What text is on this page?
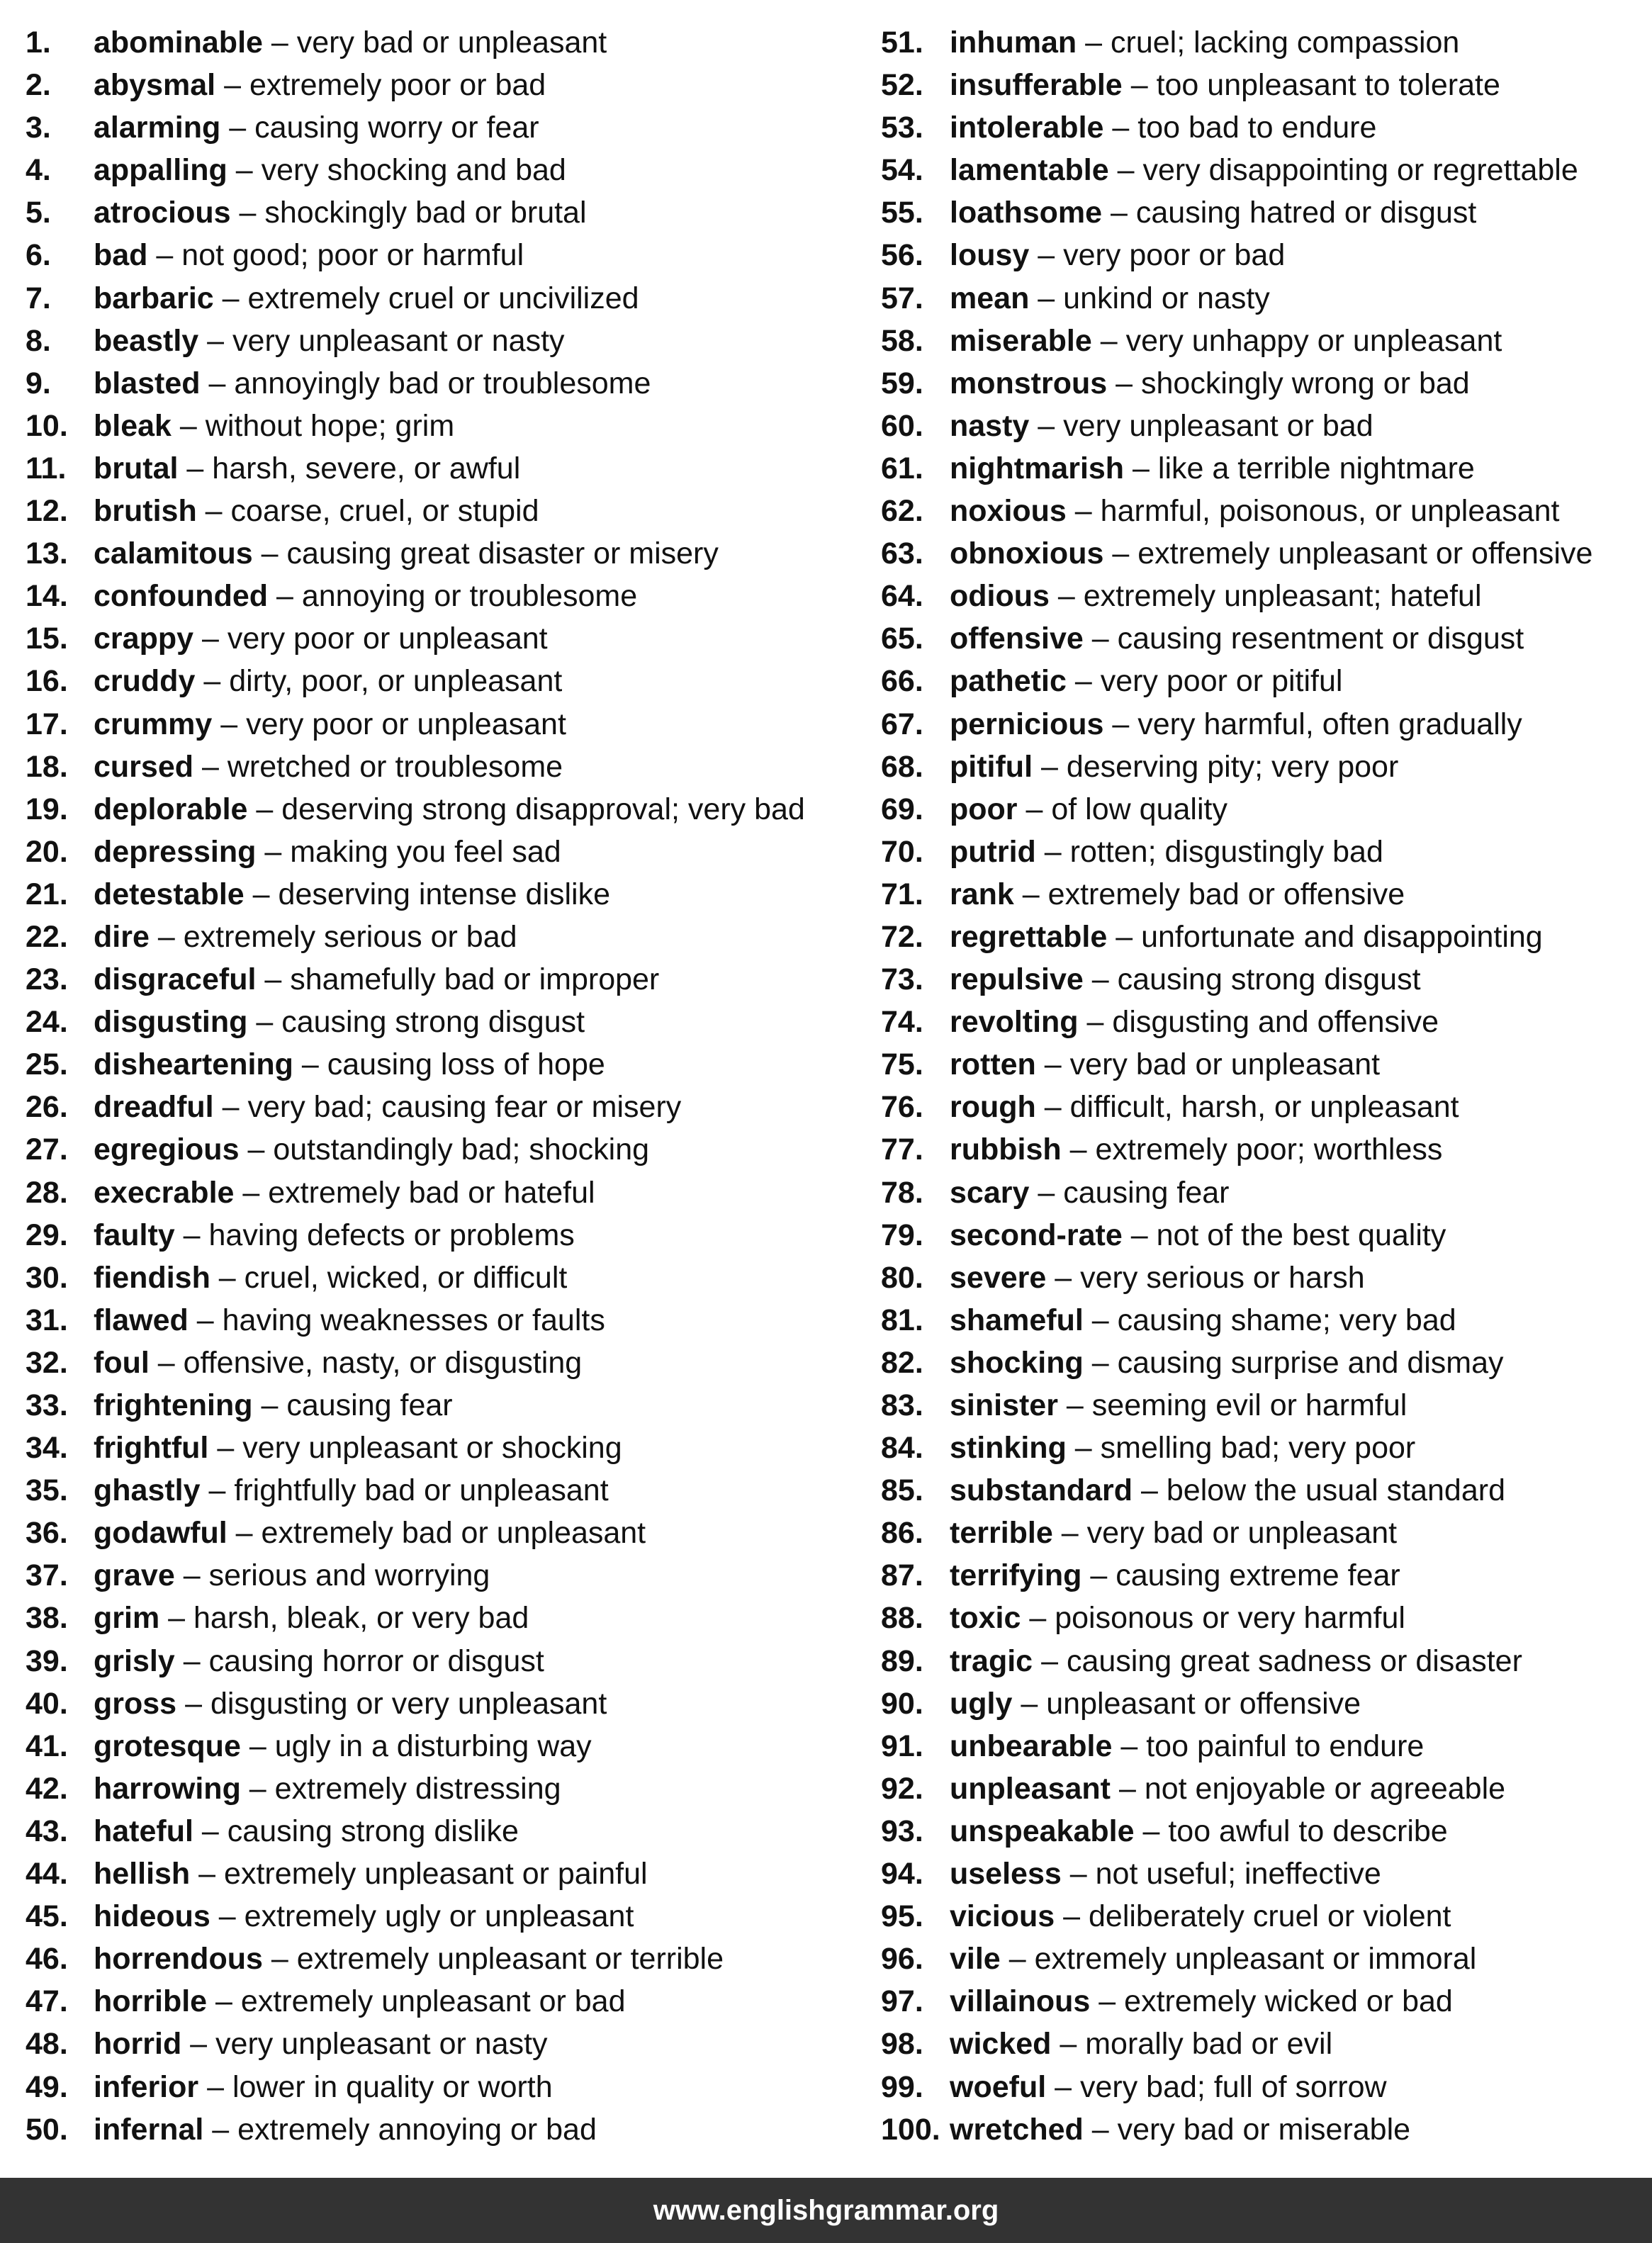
1. abominable – very bad or unpleasant
2. abysmal – extremely poor or bad
3. alarming – causing worry or fear
4. appalling – very shocking and bad
5. atrocious – shockingly bad or brutal
6. bad – not good; poor or harmful
7. barbaric – extremely cruel or uncivilized
8. beastly – very unpleasant or nasty
9. blasted – annoyingly bad or troublesome
10. bleak – without hope; grim
11. brutal – harsh, severe, or awful
12. brutish – coarse, cruel, or stupid
13. calamitous – causing great disaster or misery
14. confounded – annoying or troublesome
15. crappy – very poor or unpleasant
16. cruddy – dirty, poor, or unpleasant
17. crummy – very poor or unpleasant
18. cursed – wretched or troublesome
19. deplorable – deserving strong disapproval; very bad
20. depressing – making you feel sad
21. detestable – deserving intense dislike
22. dire – extremely serious or bad
23. disgraceful – shamefully bad or improper
24. disgusting – causing strong disgust
25. disheartening – causing loss of hope
26. dreadful – very bad; causing fear or misery
27. egregious – outstandingly bad; shocking
28. execrable – extremely bad or hateful
29. faulty – having defects or problems
30. fiendish – cruel, wicked, or difficult
31. flawed – having weaknesses or faults
32. foul – offensive, nasty, or disgusting
33. frightening – causing fear
34. frightful – very unpleasant or shocking
35. ghastly – frightfully bad or unpleasant
36. godawful – extremely bad or unpleasant
37. grave – serious and worrying
38. grim – harsh, bleak, or very bad
39. grisly – causing horror or disgust
40. gross – disgusting or very unpleasant
41. grotesque – ugly in a disturbing way
42. harrowing – extremely distressing
43. hateful – causing strong dislike
44. hellish – extremely unpleasant or painful
45. hideous – extremely ugly or unpleasant
46. horrendous – extremely unpleasant or terrible
47. horrible – extremely unpleasant or bad
48. horrid – very unpleasant or nasty
49. inferior – lower in quality or worth
50. infernal – extremely annoying or bad
51. inhuman – cruel; lacking compassion
52. insufferable – too unpleasant to tolerate
53. intolerable – too bad to endure
54. lamentable – very disappointing or regrettable
55. loathsome – causing hatred or disgust
56. lousy – very poor or bad
57. mean – unkind or nasty
58. miserable – very unhappy or unpleasant
59. monstrous – shockingly wrong or bad
60. nasty – very unpleasant or bad
61. nightmarish – like a terrible nightmare
62. noxious – harmful, poisonous, or unpleasant
63. obnoxious – extremely unpleasant or offensive
64. odious – extremely unpleasant; hateful
65. offensive – causing resentment or disgust
66. pathetic – very poor or pitiful
67. pernicious – very harmful, often gradually
68. pitiful – deserving pity; very poor
69. poor – of low quality
70. putrid – rotten; disgustingly bad
71. rank – extremely bad or offensive
72. regrettable – unfortunate and disappointing
73. repulsive – causing strong disgust
74. revolting – disgusting and offensive
75. rotten – very bad or unpleasant
76. rough – difficult, harsh, or unpleasant
77. rubbish – extremely poor; worthless
78. scary – causing fear
79. second-rate – not of the best quality
80. severe – very serious or harsh
81. shameful – causing shame; very bad
82. shocking – causing surprise and dismay
83. sinister – seeming evil or harmful
84. stinking – smelling bad; very poor
85. substandard – below the usual standard
86. terrible – very bad or unpleasant
87. terrifying – causing extreme fear
88. toxic – poisonous or very harmful
89. tragic – causing great sadness or disaster
90. ugly – unpleasant or offensive
91. unbearable – too painful to endure
92. unpleasant – not enjoyable or agreeable
93. unspeakable – too awful to describe
94. useless – not useful; ineffective
95. vicious – deliberately cruel or violent
96. vile – extremely unpleasant or immoral
97. villainous – extremely wicked or bad
98. wicked – morally bad or evil
99. woeful – very bad; full of sorrow
100. wretched – very bad or miserable
www.englishgrammar.org
